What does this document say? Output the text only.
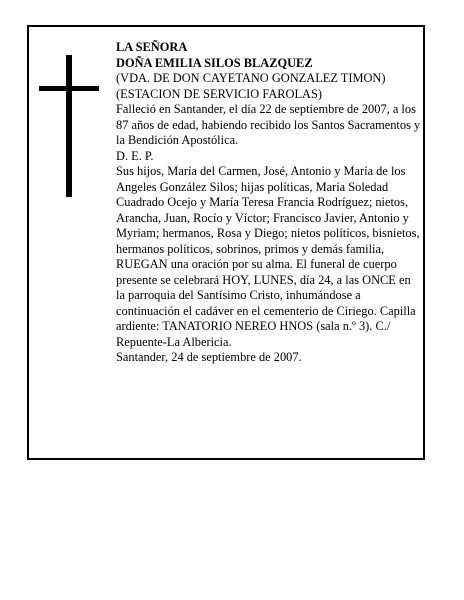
LA SEÑORA
DOÑA EMILIA SILOS BLAZQUEZ
(VDA. DE DON CAYETANO GONZALEZ TIMON)
(ESTACION DE SERVICIO FAROLAS)
Falleció en Santander, el día 22 de septiembre de 2007, a los 87 años de edad, habiendo recibido los Santos Sacramentos y la Bendición Apostólica.
D. E. P.
Sus hijos, María del Carmen, José, Antonio y María de los Angeles González Silos; hijas políticas, María Soledad Cuadrado Ocejo y María Teresa Francia Rodríguez; nietos, Arancha, Juan, Rocío y Víctor; Francisco Javier, Antonio y Myriam; hermanos, Rosa y Diego; nietos políticos, bisnietos, hermanos políticos, sobrinos, primos y demás familia,
RUEGAN una oración por su alma. El funeral de cuerpo presente se celebrará HOY, LUNES, día 24, a las ONCE en la parroquia del Santísimo Cristo, inhumándose a continuación el cadáver en el cementerio de Ciriego. Capilla ardiente: TANATORIO NEREO HNOS (sala n.º 3). C./ Repuente-La Albericia.
Santander, 24 de septiembre de 2007.
